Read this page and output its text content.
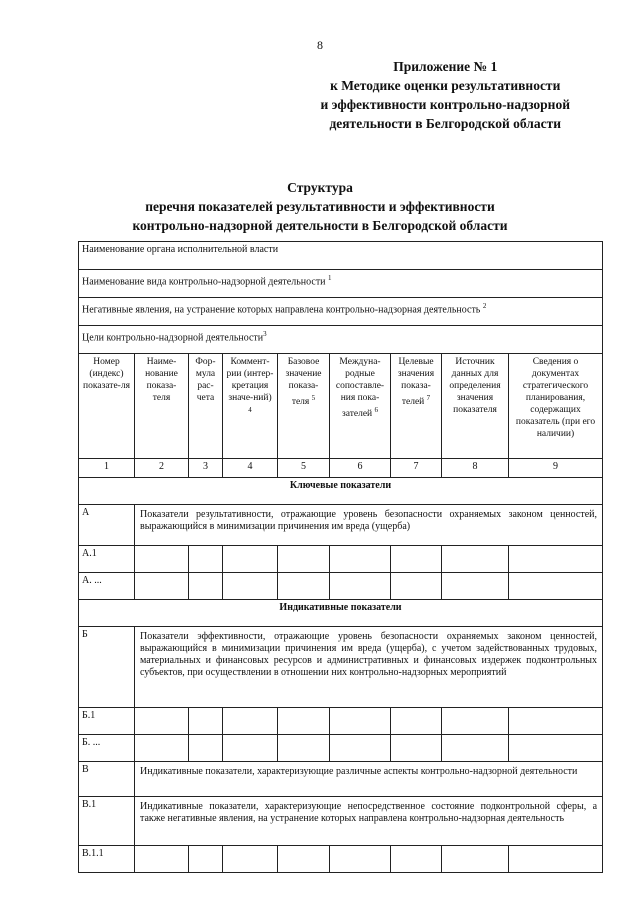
8
Приложение № 1
к Методике оценки результативности
и эффективности контрольно-надзорной
деятельности в Белгородской области
Структура
перечня показателей результативности и эффективности
контрольно-надзорной деятельности в Белгородской области
Наименование органа исполнительной власти								
Наименование вида контрольно-надзорной деятельности $^1$
Негативные явления, на устранение которых направлена контрольно-надзорная деятельность $^2$
Цели контрольно-надзорной деятельности$^3$
Номер (индекс) показате-ля	Наиме-нование показа-теля	Фор-мула рас-чета	Коммент-рии (интер-кретация значе-ний) $^4$	Базовое значение показа-теля $^5$	Междуна-родные сопоставле-ния пока-зателей $^6$	Целевые значения показа-телей $^7$	Источник данных для определения значения показателя	Сведения о документах стратегического планирования, содержащих показатель (при его наличии)
1	2	3	4	5	6	7	8	9
Ключевые показатели								
А	Показатели результативности, отражающие уровень безопасности охраняемых законом ценностей, выражающийся в минимизации причинения им вреда (ущерба)							
А.1								
А. ...								
Индикативные показатели								
Б	Показатели эффективности, отражающие уровень безопасности охраняемых законом ценностей, выражающийся в минимизации причинения им вреда (ущерба), с учетом задействованных трудовых, материальных и финансовых ресурсов и административных и финансовых издержек подконтрольных субъектов, при осуществлении в отношении них контрольно-надзорных мероприятий							
Б.1								
Б. ...								
В	Индикативные показатели, характеризующие различные аспекты контрольно-надзорной деятельности							
В.1	Индикативные показатели, характеризующие непосредственное состояние подконтрольной сферы, а также негативные явления, на устранение которых направлена контрольно-надзорная деятельность							
В.1.1								
